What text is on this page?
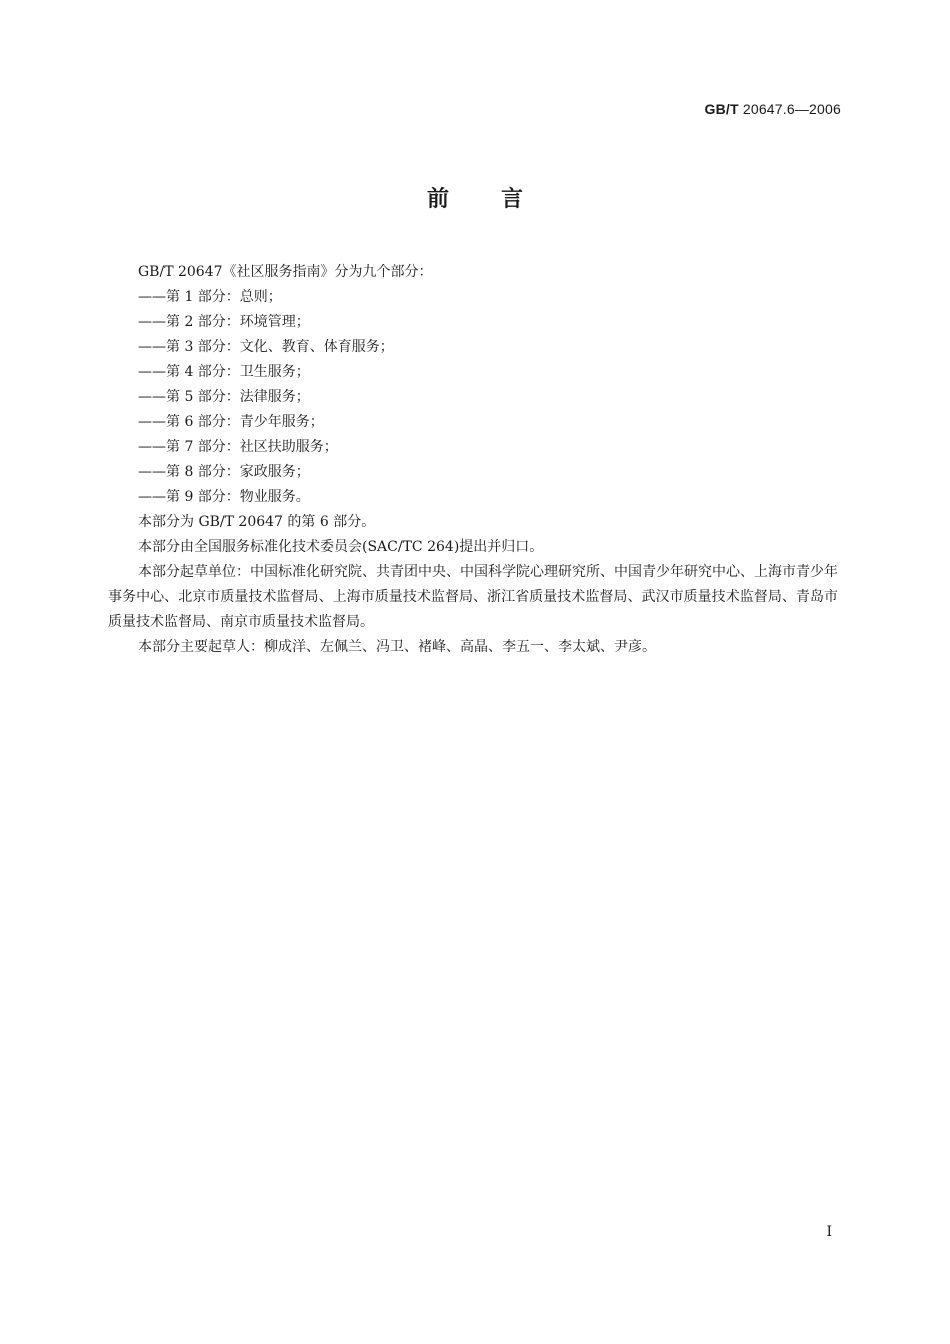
GB/T 20647.6—2006
前言

GB/T 20647《社区服务指南》分为九个部分：

——第 1 部分：总则；

——第 2 部分：环境管理；

——第 3 部分：文化、教育、体育服务；

——第 4 部分：卫生服务；

——第 5 部分：法律服务；

——第 6 部分：青少年服务；

——第 7 部分：社区扶助服务；

——第 8 部分：家政服务；

——第 9 部分：物业服务。

本部分为 GB/T 20647 的第 6 部分。

本部分由全国服务标准化技术委员会(SAC/TC 264)提出并归口。

本部分起草单位：中国标准化研究院、共青团中央、中国科学院心理研究所、中国青少年研究中心、上海市青少年事务中心、北京市质量技术监督局、上海市质量技术监督局、浙江省质量技术监督局、武汉市质量技术监督局、青岛市质量技术监督局、南京市质量技术监督局。

本部分主要起草人：柳成洋、左佩兰、冯卫、褚峰、高晶、李五一、李太斌、尹彦。

I
